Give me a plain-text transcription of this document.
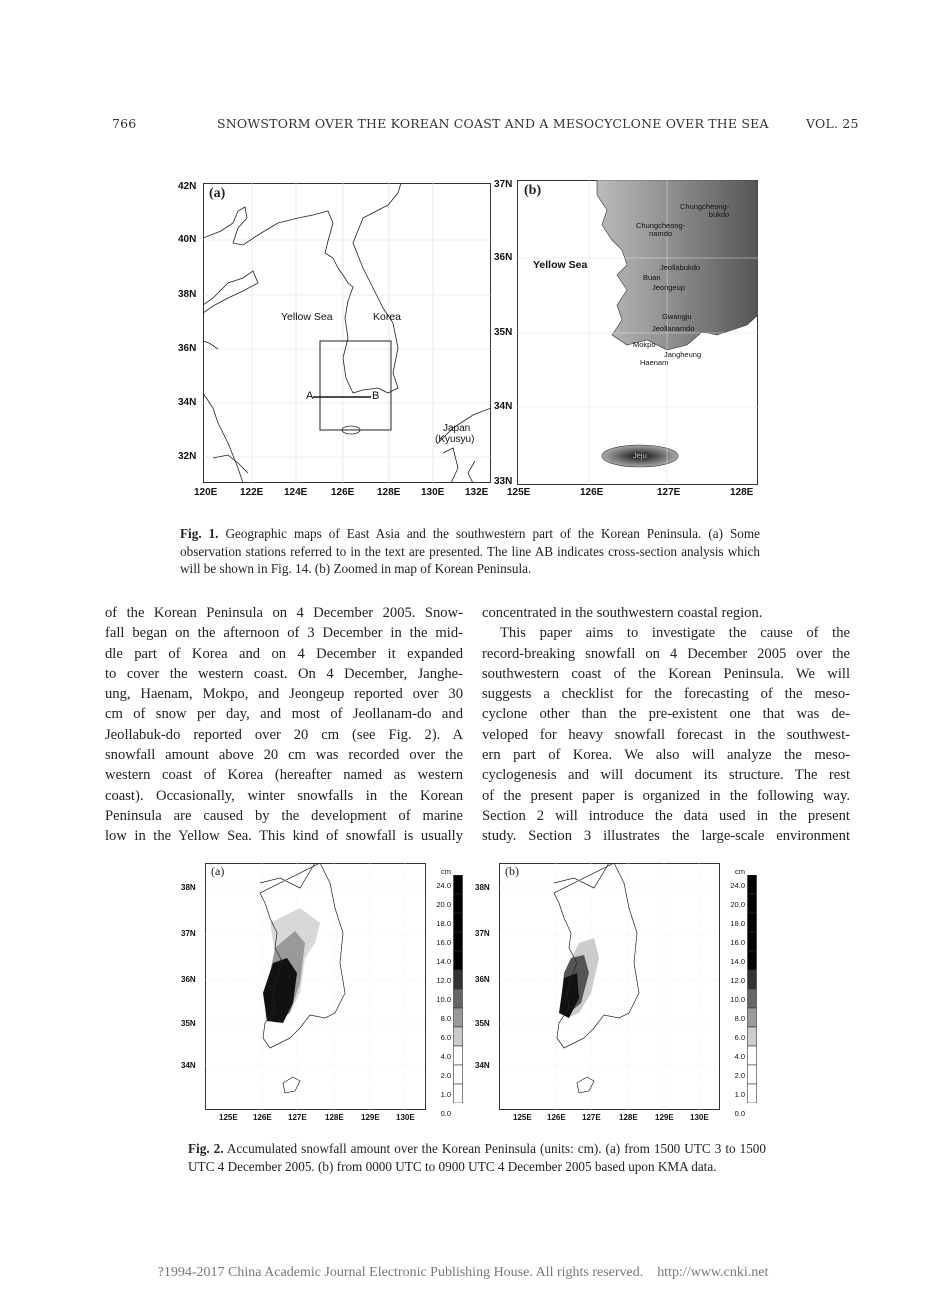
766	SNOWSTORM OVER THE KOREAN COAST AND A MESOCYCLONE OVER THE SEA	VOL. 25
(a)
42N
40N
38N
36N
34N
32N
120E 122E 124E 126E 128E 130E 132E
Yellow Sea	Korea
A	B
Japan
(Kyusyu)
(b)
37N
36N
35N
34N
33N
125E	126E	127E	128E
Yellow Sea
Chungcheong-
bukdo
Chungcheong-
namdo
Jeollabukdo
Buan
Jeongeup
Gwangju
Jeollanamdo
Mokpo
Jangheung
Haenam
Jeju
Fig. 1. Geographic maps of East Asia and the southwestern part of the Korean Peninsula. (a) Some observation stations referred to in the text are presented. The line AB indicates cross-section analysis which will be shown in Fig. 14. (b) Zoomed in map of Korean Peninsula.
of the Korean Peninsula on 4 December 2005. Snow-
fall began on the afternoon of 3 December in the mid-
dle part of Korea and on 4 December it expanded
to cover the western coast. On 4 December, Janghe-
ung, Haenam, Mokpo, and Jeongeup reported over 30
cm of snow per day, and most of Jeollanam-do and
Jeollabuk-do reported over 20 cm (see Fig. 2). A
snowfall amount above 20 cm was recorded over the
western coast of Korea (hereafter named as western
coast). Occasionally, winter snowfalls in the Korean
Peninsula are caused by the development of marine
low in the Yellow Sea. This kind of snowfall is usually
concentrated in the southwestern coastal region.
This paper aims to investigate the cause of the
record-breaking snowfall on 4 December 2005 over the
southwestern coast of the Korean Peninsula. We will
suggests a checklist for the forecasting of the meso-
cyclone other than the pre-existent one that was de-
veloped for heavy snowfall forecast in the southwest-
ern part of Korea. We also will analyze the meso-
cyclogenesis and will document its structure. The rest
of the present paper is organized in the following way.
Section 2 will introduce the data used in the present
study. Section 3 illustrates the large-scale environment
(a)
38N
37N
36N
35N
34N
125E 126E 127E 128E 129E 130E
cm
24.0
20.0
18.0
16.0
14.0
12.0
10.0
8.0
6.0
4.0
2.0
1.0
0.0
(b)
38N
37N
36N
35N
34N
125E 126E 127E 128E 129E 130E
cm
24.0
20.0
18.0
16.0
14.0
12.0
10.0
8.0
6.0
4.0
2.0
1.0
0.0
Fig. 2. Accumulated snowfall amount over the Korean Peninsula (units: cm). (a) from 1500 UTC 3 to 1500 UTC 4 December 2005. (b) from 0000 UTC to 0900 UTC 4 December 2005 based upon KMA data.
?1994-2017 China Academic Journal Electronic Publishing House. All rights reserved. http://www.cnki.net
